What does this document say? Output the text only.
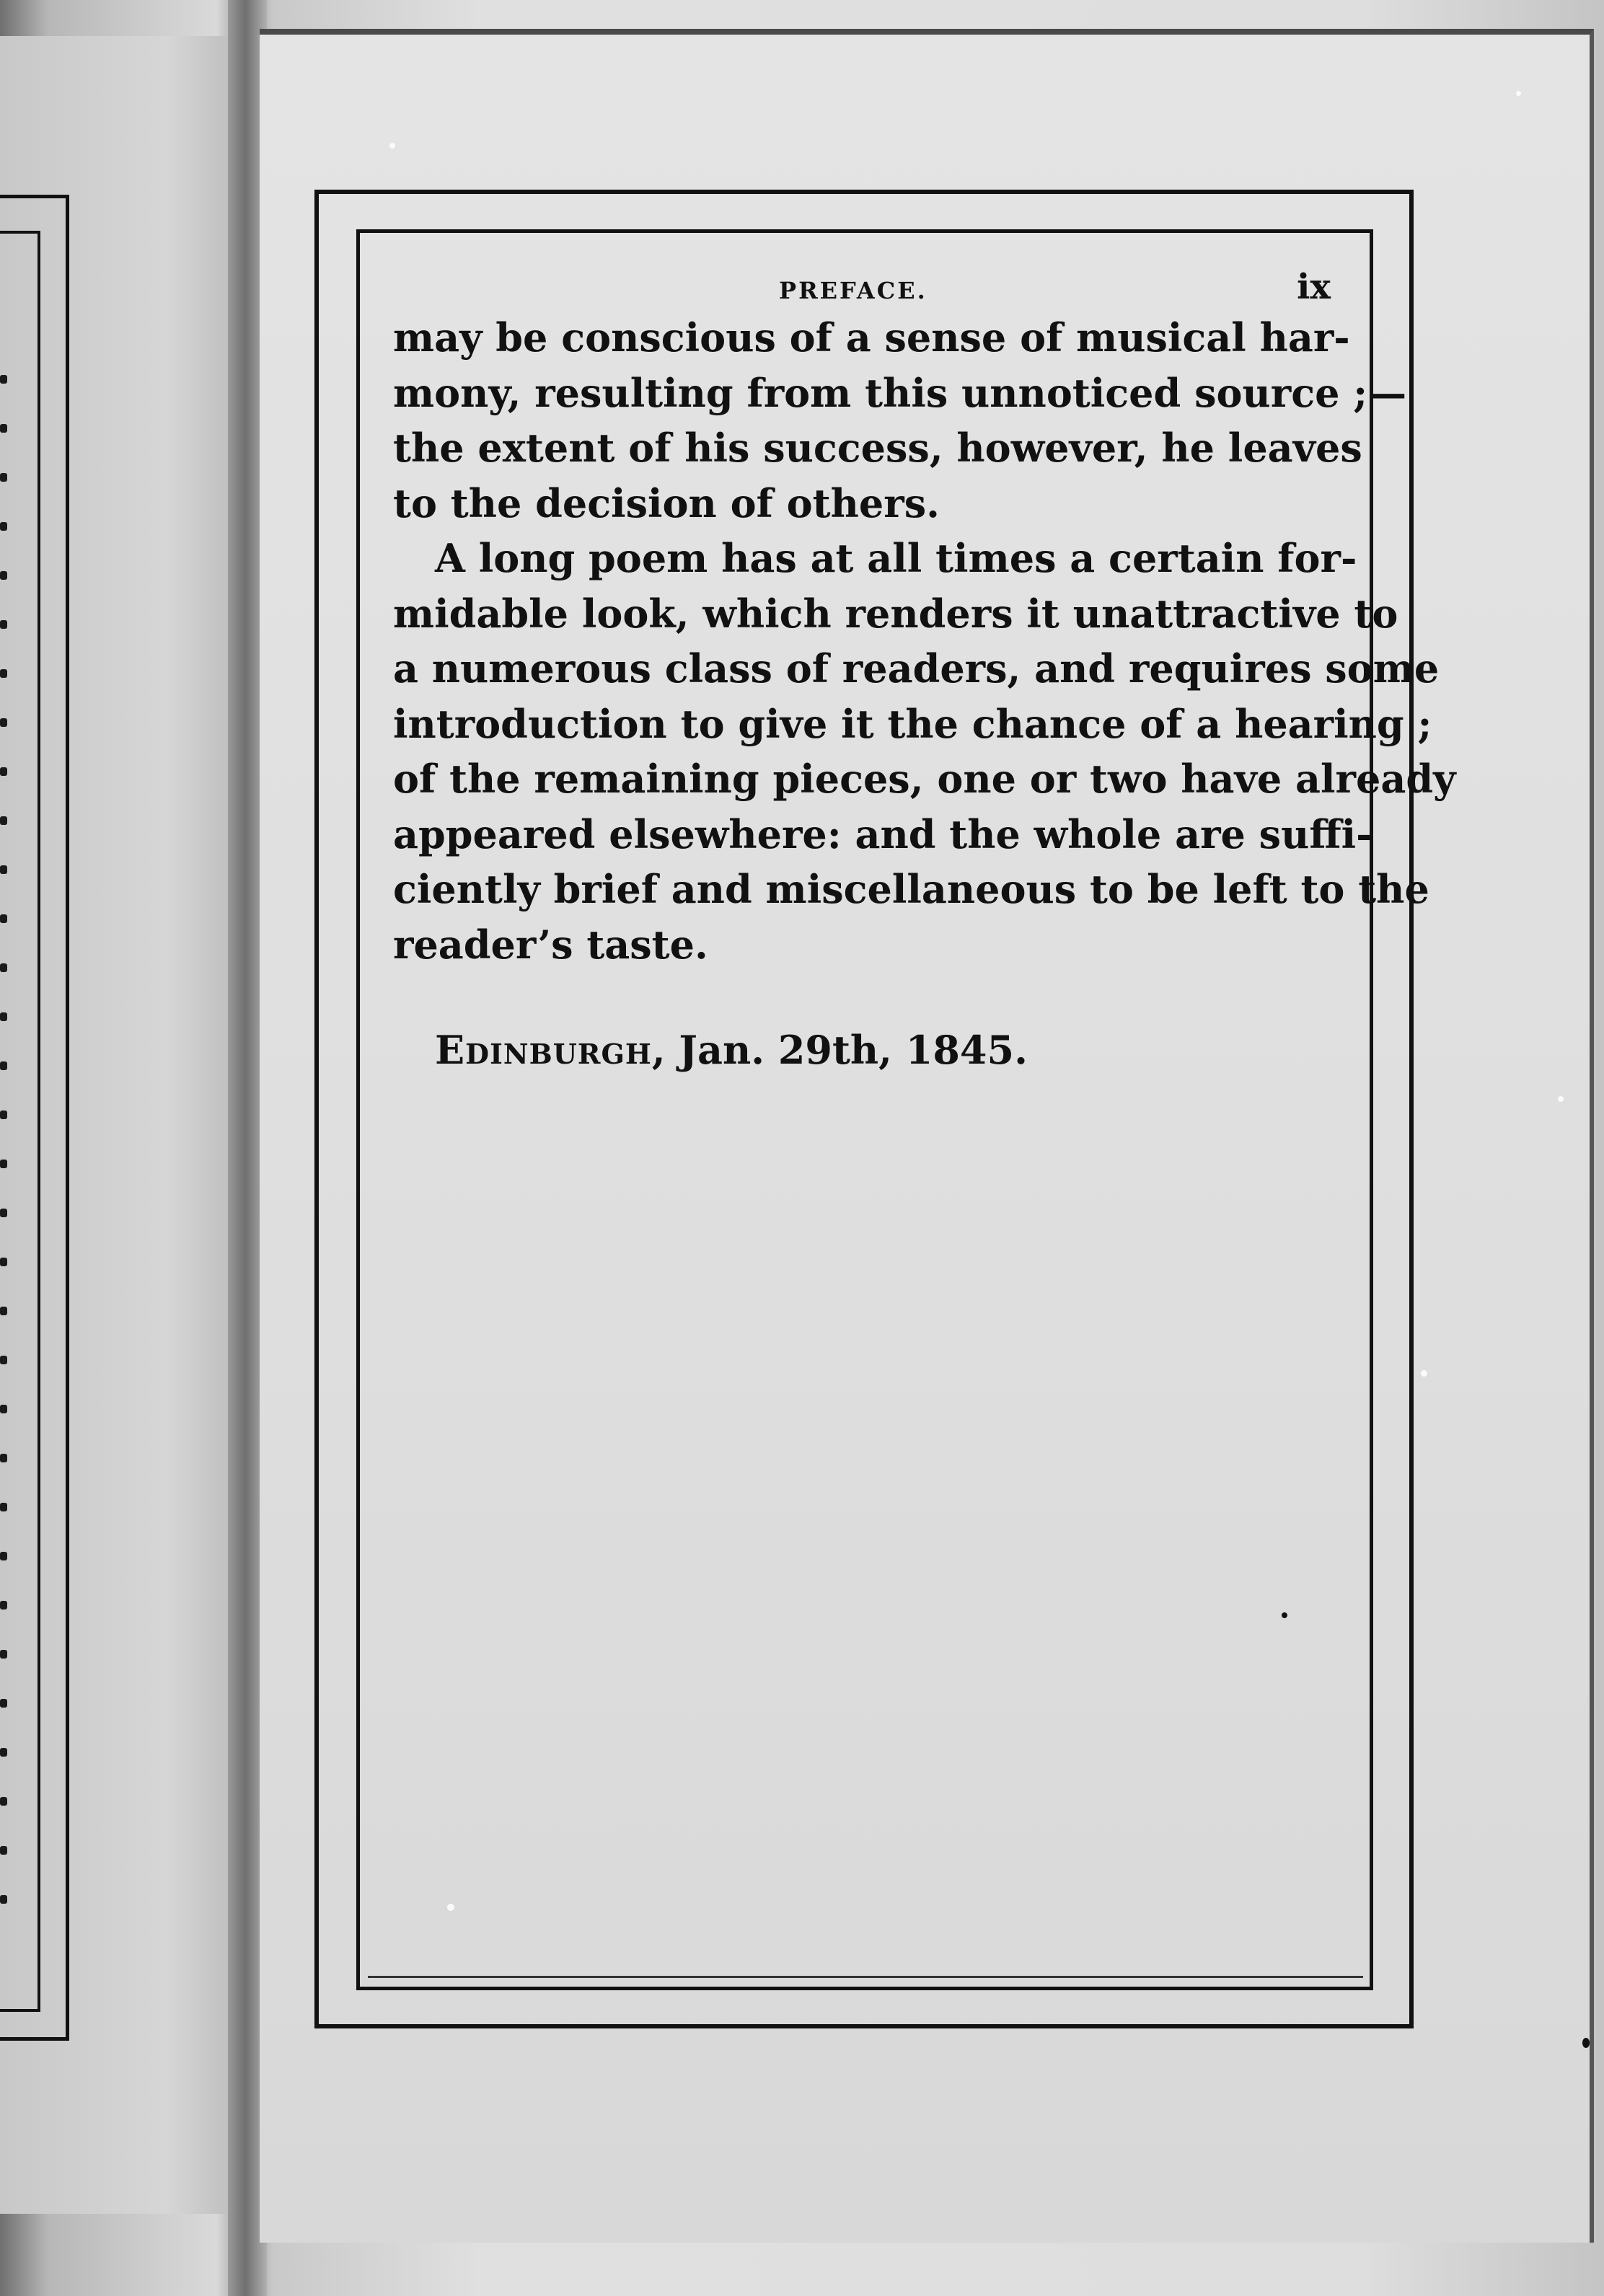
PREFACE.	ix

may be conscious of a sense of musical har-
mony, resulting from this unnoticed source ;—
the extent of his success, however, he leaves
to the decision of others.

A long poem has at all times a certain for-
midable look, which renders it unattractive to
a numerous class of readers, and requires some
introduction to give it the chance of a hearing ;
of the remaining pieces, one or two have already
appeared elsewhere: and the whole are suffi-
ciently brief and miscellaneous to be left to the
reader’s taste.

Edinburgh, Jan. 29th, 1845.
